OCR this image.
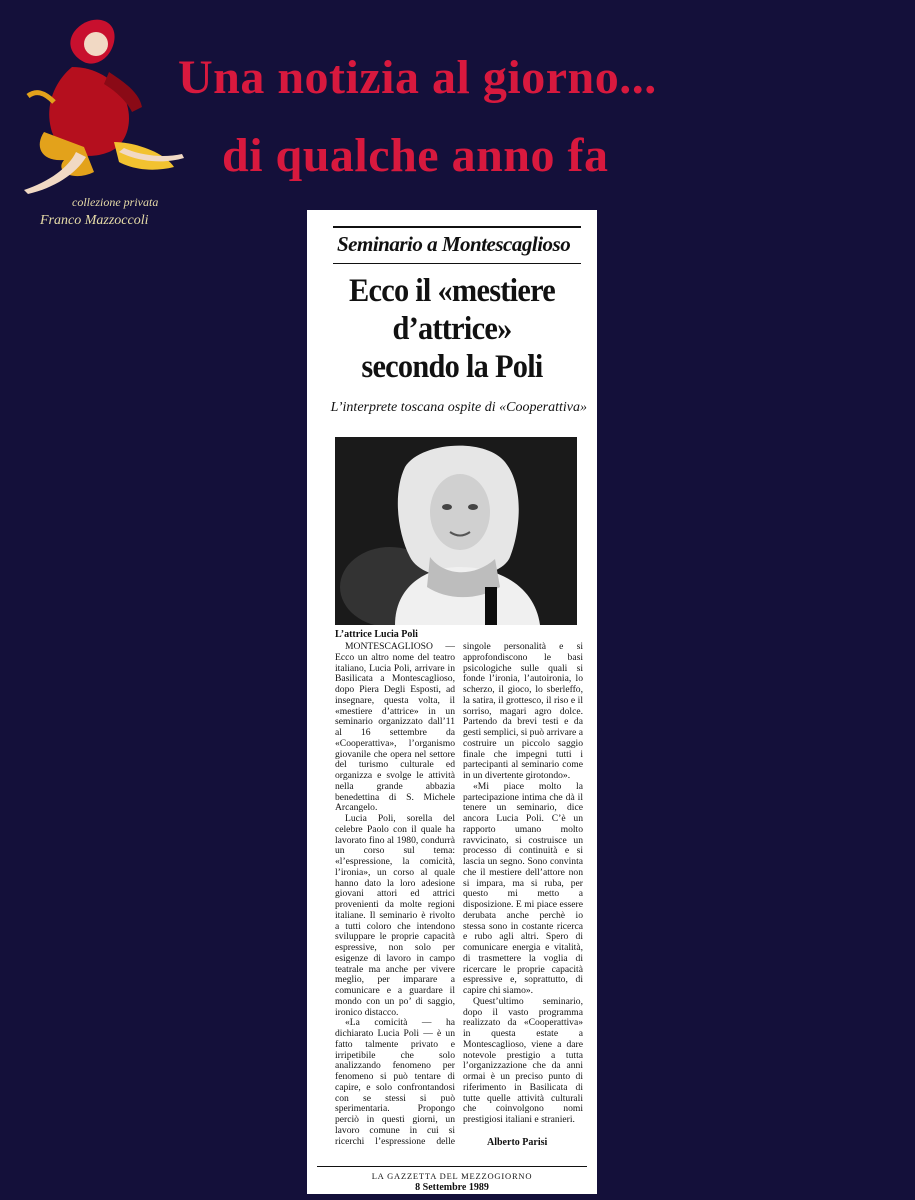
collezione privata
Franco Mazzoccoli
Una notizia al giorno...
di qualche anno fa
Seminario a Montescaglioso
Ecco il «mestiere
d’attrice»
secondo la Poli
L’interprete toscana ospite di «Cooperattiva»
L’attrice Lucia Poli

MONTESCAGLIOSO — Ecco un altro nome del teatro italiano, Lucia Poli, arrivare in Basilicata a Montescaglioso, dopo Piera Degli Esposti, ad insegnare, questa volta, il «mestiere d’attrice» in un seminario organizzato dall’11 al 16 settembre da «Cooperattiva», l’organismo giovanile che opera nel settore del turismo culturale ed organizza e svolge le attività nella grande abbazia benedettina di S. Michele Arcangelo.

Lucia Poli, sorella del celebre Paolo con il quale ha lavorato fino al 1980, condurrà un corso sul tema: «l’espressione, la comicità, l’ironia», un corso al quale hanno dato la loro adesione giovani attori ed attrici provenienti da molte regioni italiane. Il seminario è rivolto a tutti coloro che intendono sviluppare le proprie capacità espressive, non solo per esigenze di lavoro in campo teatrale ma anche per vivere meglio, per imparare a comunicare e a guardare il mondo con un po’ di saggio, ironico distacco.

«La comicità — ha dichiarato Lucia Poli — è un fatto talmente privato e irripetibile che solo analizzando fenomeno per fenomeno si può tentare di capire, e solo confrontandosi con se stessi si può sperimentaria. Propongo perciò in questi giorni, un lavoro comune in cui si ricerchi l’espressione delle singole personalità e si approfondiscono le basi psicologiche sulle quali si fonde l’ironia, l’autoironia, lo scherzo, il gioco, lo sberleffo, la satira, il grottesco, il riso e il sorriso, magari agro dolce. Partendo da brevi testi e da gesti semplici, si può arrivare a costruire un piccolo saggio finale che impegni tutti i partecipanti al seminario come in un divertente girotondo».

«Mi piace molto la partecipazione intima che dà il tenere un seminario, dice ancora Lucia Poli. C’è un rapporto umano molto ravvicinato, si costruisce un processo di continuità e si lascia un segno. Sono convinta che il mestiere dell’attore non si impara, ma si ruba, per questo mi metto a disposizione. E mi piace essere derubata anche perchè io stessa sono in costante ricerca e rubo agli altri. Spero di comunicare energia e vitalità, di trasmettere la voglia di ricercare le proprie capacità espressive e, soprattutto, di capire chi siamo».

Quest’ultimo seminario, dopo il vasto programma realizzato da «Cooperattiva» in questa estate a Montescaglioso, viene a dare notevole prestigio a tutta l’organizzazione che da anni ormai è un preciso punto di riferimento in Basilicata di tutte quelle attività culturali che coinvolgono nomi prestigiosi italiani e stranieri.

Alberto Parisi
LA GAZZETTA DEL MEZZOGIORNO
8 Settembre 1989
